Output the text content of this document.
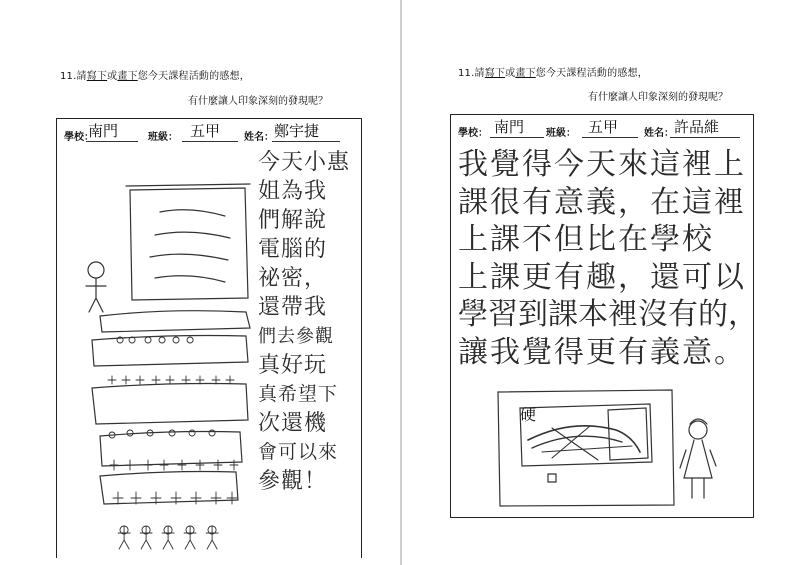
11.請寫下或畫下您今天課程活動的感想，
有什麼讓人印象深刻的發現呢？
學校：
南門	班級： 五甲 姓名： 鄭宇捷
今天小惠
姐為我
們解說
電腦的
祕密，
還帶我
們去參觀
真好玩
真希望下
次還機
會可以來
參觀！
11.請寫下或畫下您今天課程活動的感想，
有什麼讓人印象深刻的發現呢？
學校： 南門 班級： 五甲	姓名： 許品維
我覺得今天來這裡上
課很有意義，在這裡
上課不但比在學校
上課更有趣，還可以
學習到課本裡沒有的，
讓我覺得更有義意。
硬
